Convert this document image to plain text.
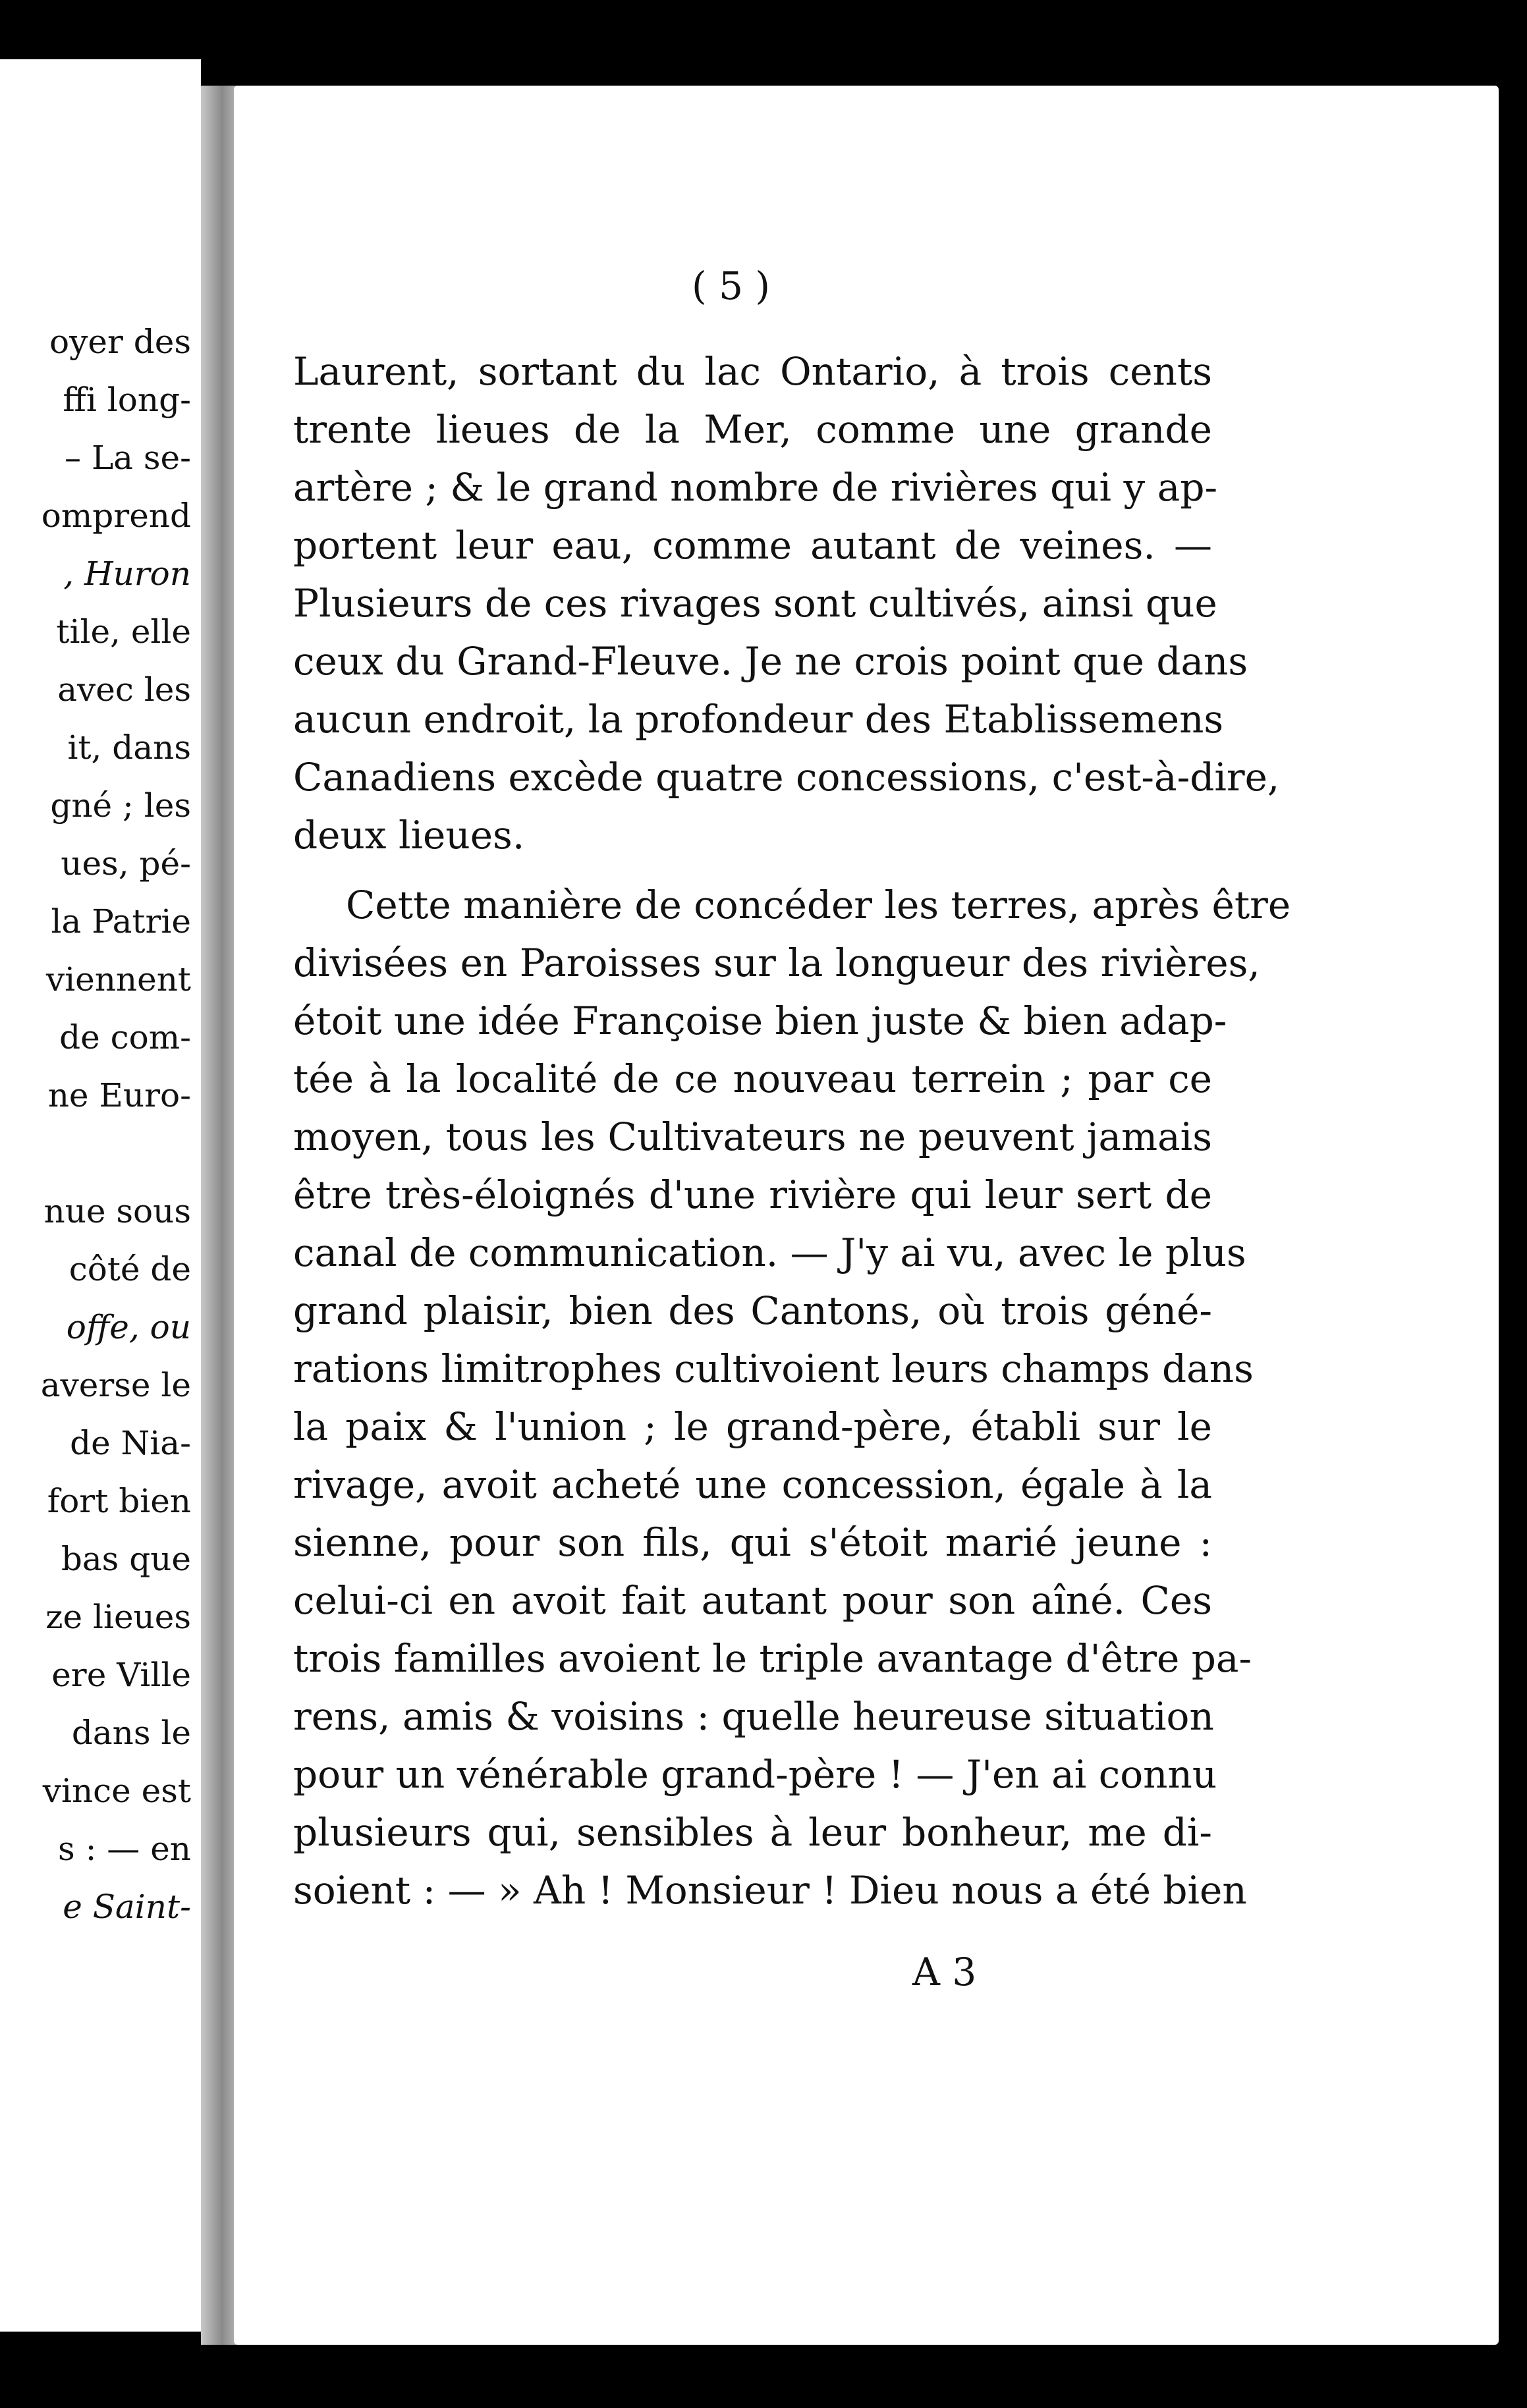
oyer des
ffi long-
– La se-
omprend
, Huron
tile, elle
avec les
it, dans
gné ; les
ues, pé-
la Patrie
viennent
de com-
ne Euro-
nue sous
côté de
offe, ou
averse le
de Nia-
fort bien
bas que
ze lieues
ere Ville
dans le
vince est
s : — en
e Saint-
( 5 )
Laurent, sortant du lac Ontario, à trois cents
trente lieues de la Mer, comme une grande
artère ; & le grand nombre de rivières qui y ap-
portent leur eau, comme autant de veines. —
Plusieurs de ces rivages sont cultivés, ainsi que
ceux du Grand-Fleuve. Je ne crois point que dans
aucun endroit, la profondeur des Etablissemens
Canadiens excède quatre concessions, c'est-à-dire,
deux lieues.
Cette manière de concéder les terres, après être
divisées en Paroisses sur la longueur des rivières,
étoit une idée Françoise bien juste & bien adap-
tée à la localité de ce nouveau terrein ; par ce
moyen, tous les Cultivateurs ne peuvent jamais
être très-éloignés d'une rivière qui leur sert de
canal de communication. — J'y ai vu, avec le plus
grand plaisir, bien des Cantons, où trois géné-
rations limitrophes cultivoient leurs champs dans
la paix & l'union ; le grand-père, établi sur le
rivage, avoit acheté une concession, égale à la
sienne, pour son fils, qui s'étoit marié jeune :
celui-ci en avoit fait autant pour son aîné. Ces
trois familles avoient le triple avantage d'être pa-
rens, amis & voisins : quelle heureuse situation
pour un vénérable grand-père ! — J'en ai connu
plusieurs qui, sensibles à leur bonheur, me di-
soient : — » Ah ! Monsieur ! Dieu nous a été bien
A 3
